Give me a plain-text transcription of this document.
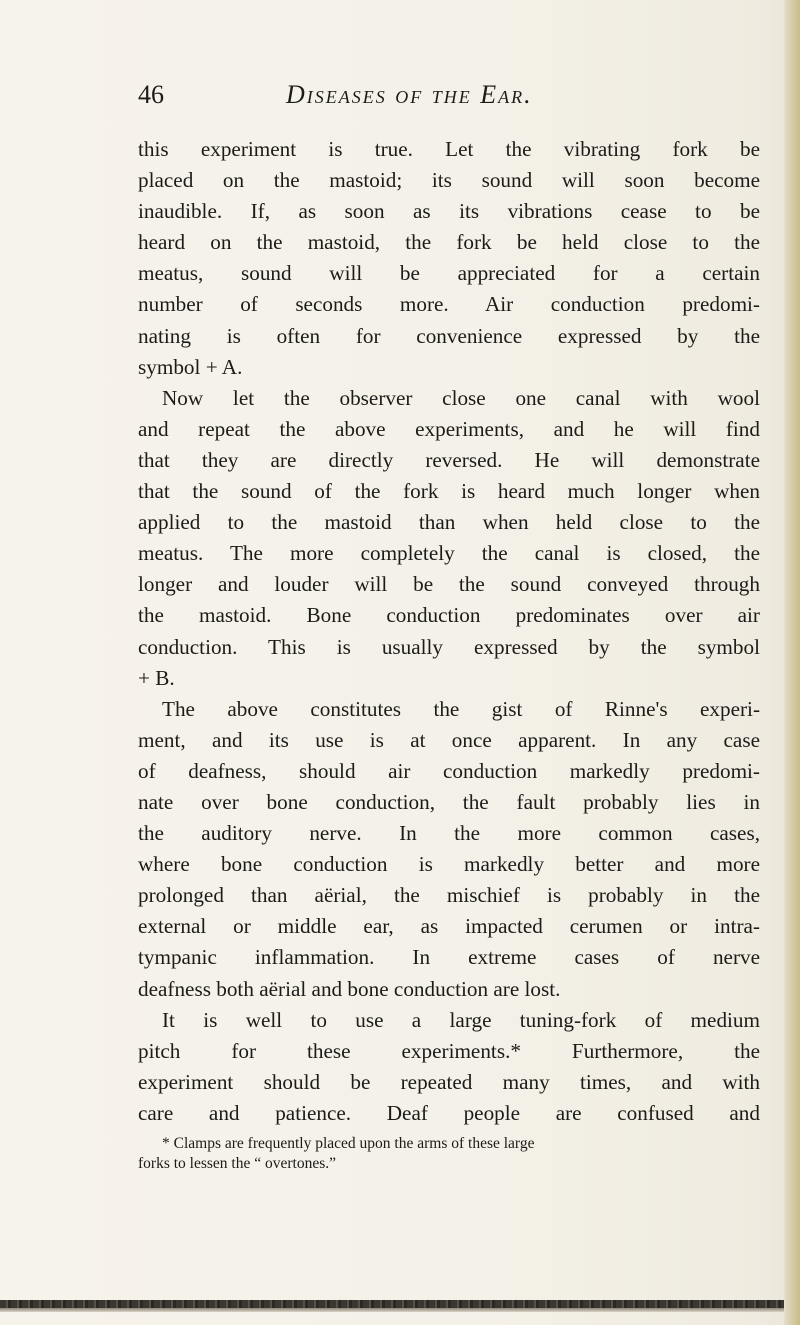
46	Diseases of the Ear.
this experiment is true. Let the vibrating fork be
placed on the mastoid; its sound will soon become
inaudible. If, as soon as its vibrations cease to be
heard on the mastoid, the fork be held close to the
meatus, sound will be appreciated for a certain
number of seconds more. Air conduction predomi-
nating is often for convenience expressed by the
symbol + A.
Now let the observer close one canal with wool
and repeat the above experiments, and he will find
that they are directly reversed. He will demonstrate
that the sound of the fork is heard much longer when
applied to the mastoid than when held close to the
meatus. The more completely the canal is closed, the
longer and louder will be the sound conveyed through
the mastoid. Bone conduction predominates over air
conduction. This is usually expressed by the symbol
+ B.
The above constitutes the gist of Rinne's experi-
ment, and its use is at once apparent. In any case
of deafness, should air conduction markedly predomi-
nate over bone conduction, the fault probably lies in
the auditory nerve. In the more common cases,
where bone conduction is markedly better and more
prolonged than aërial, the mischief is probably in the
external or middle ear, as impacted cerumen or intra-
tympanic inflammation. In extreme cases of nerve
deafness both aërial and bone conduction are lost.
It is well to use a large tuning-fork of medium
pitch for these experiments.* Furthermore, the
experiment should be repeated many times, and with
care and patience. Deaf people are confused and
* Clamps are frequently placed upon the arms of these large
forks to lessen the “ overtones.”
